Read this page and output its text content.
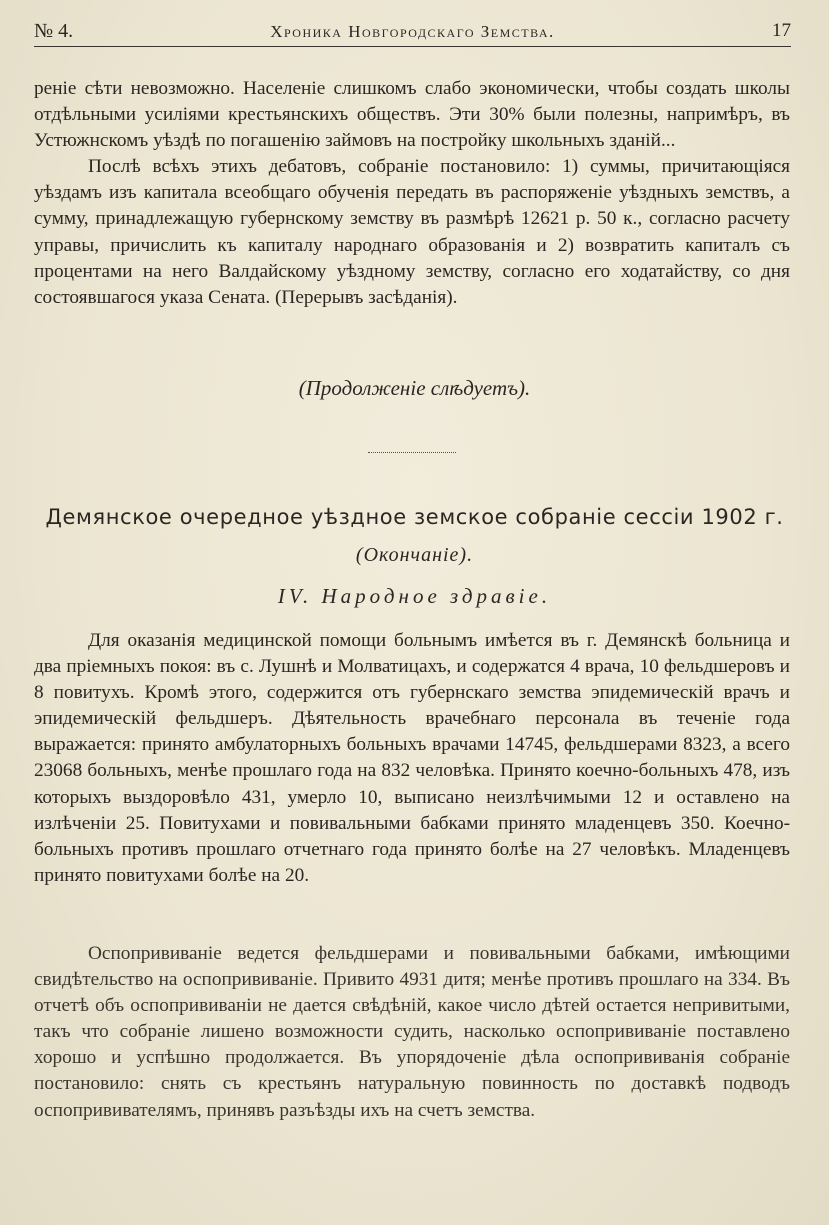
№ 4.	Хроника Новгородскаго Земства.	17

реніе сѣти невозможно. Населеніе слишкомъ слабо экономически, чтобы создать школы отдѣльными усиліями крестьянскихъ обществъ. Эти 30% были полезны, напримѣръ, въ Устюжнскомъ уѣздѣ по погашенію займовъ на постройку школьныхъ зданій...

Послѣ всѣхъ этихъ дебатовъ, собраніе постановило: 1) суммы, причитающіяся уѣздамъ изъ капитала всеобщаго обученія передать въ распоряженіе уѣздныхъ земствъ, а сумму, принадлежащую губернскому земству въ размѣрѣ 12621 р. 50 к., согласно расчету управы, причислить къ капиталу народнаго образованія и 2) возвратить капиталъ съ процентами на него Валдайскому уѣздному земству, согласно его ходатайству, со дня состоявшагося указа Сената. (Перерывъ засѣданія).

(Продолженіе слѣдуетъ).
Демянское очередное уѣздное земское собраніе сессіи 1902 г.
(Окончаніе).
IV. Народное здравіе.

Для оказанія медицинской помощи больнымъ имѣется въ г. Демянскѣ больница и два пріемныхъ покоя: въ с. Лушнѣ и Молватицахъ, и содержатся 4 врача, 10 фельдшеровъ и 8 повитухъ. Кромѣ этого, содержится отъ губернскаго земства эпидемическій врачъ и эпидемическій фельдшеръ. Дѣятельность врачебнаго персонала въ теченіе года выражается: принято амбулаторныхъ больныхъ врачами 14745, фельдшерами 8323, а всего 23068 больныхъ, менѣе прошлаго года на 832 человѣка. Принято коечно-больныхъ 478, изъ которыхъ выздоровѣло 431, умерло 10, выписано неизлѣчимыми 12 и оставлено на излѣченіи 25. Повитухами и повивальными бабками принято младенцевъ 350. Коечно-больныхъ противъ прошлаго отчетнаго года принято болѣе на 27 человѣкъ. Младенцевъ принято повитухами болѣе на 20.

Оспопрививаніе ведется фельдшерами и повивальными бабками, имѣющими свидѣтельство на оспопрививаніе. Привито 4931 дитя; менѣе противъ прошлаго на 334. Въ отчетѣ объ оспопрививаніи не дается свѣдѣній, какое число дѣтей остается непривитыми, такъ что собраніе лишено возможности судить, насколько оспопрививаніе поставлено хорошо и успѣшно продолжается. Въ упорядоченіе дѣла оспопрививанія собраніе постановило: снять съ крестьянъ натуральную повинность по доставкѣ подводъ оспопрививателямъ, принявъ разъѣзды ихъ на счетъ земства.
